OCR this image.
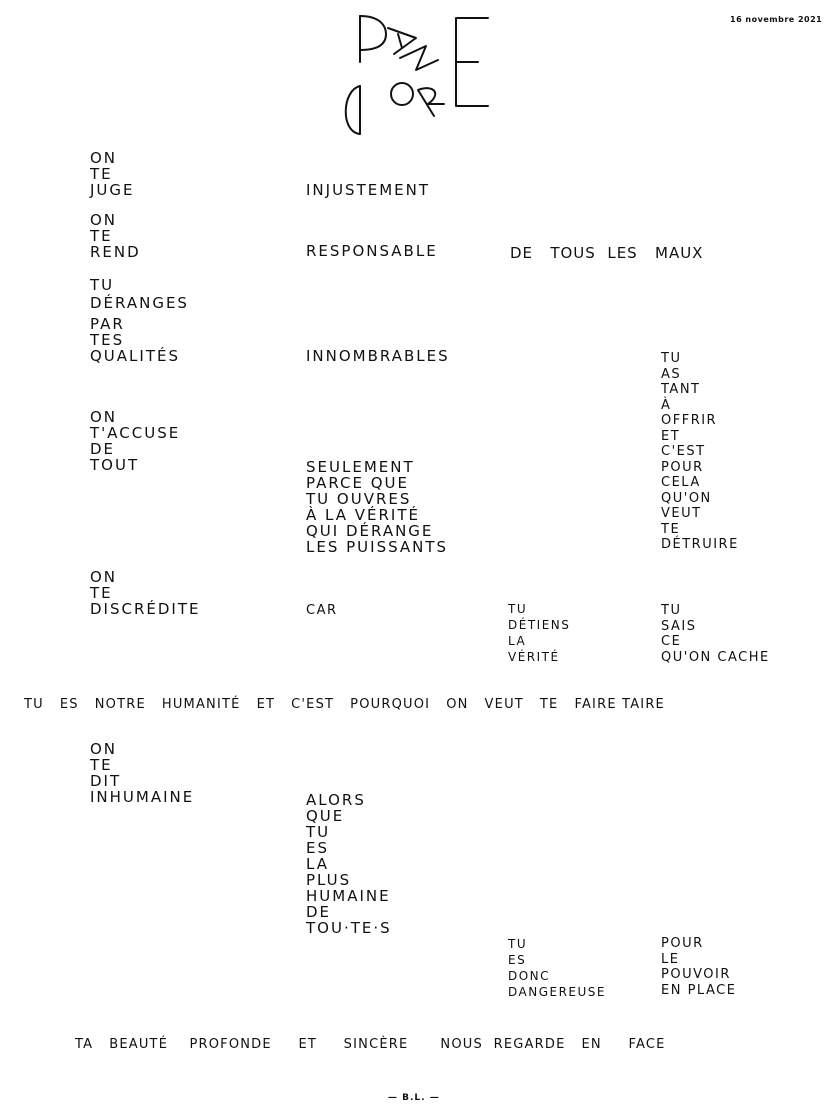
16 novembre 2021
ON
TE
JUGE	INJUSTEMENT
ON
TE
REND	RESPONSABLE	DE   TOUS  LES   MAUX
TU
DÉRANGES
PAR
TES
QUALITÉS	INNOMBRABLES	TU
AS
TANT
À
OFFRIR
ET
C'EST
POUR
CELA
QU'ON
VEUT
TE
DÉTRUIRE
ON
T'ACCUSE
DE
TOUT	SEULEMENT
PARCE QUE
TU OUVRES
À LA VÉRITÉ
QUI DÉRANGE
LES PUISSANTS
ON
TE
DISCRÉDITE	CAR	TU
DÉTIENS
LA
VÉRITÉ
TU
SAIS
CE
QU'ON CACHE
TU   ES   NOTRE   HUMANITÉ   ET   C'EST   POURQUOI   ON   VEUT   TE   FAIRE TAIRE
ON
TE
DIT
INHUMAINE	ALORS
QUE
TU
ES
LA
PLUS
HUMAINE
DE
TOU·TE·S
TU
ES
DONC
DANGEREUSE
POUR
LE
POUVOIR
EN PLACE
TA   BEAUTÉ    PROFONDE     ET     SINCÈRE      NOUS  REGARDE   EN     FACE
— B.L. —
